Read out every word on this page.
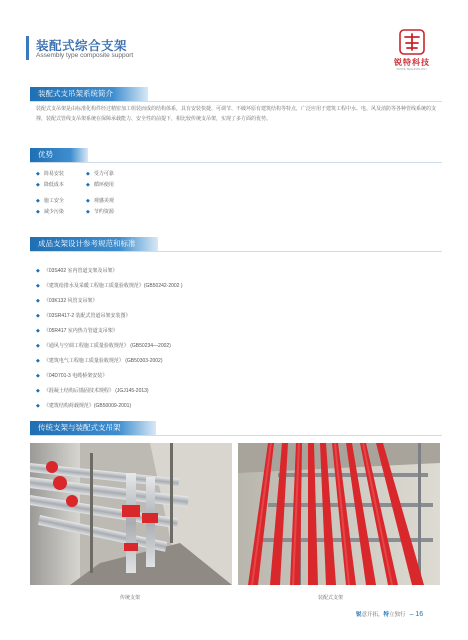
装配式综合支架
Assembly type composite support
锐特科技
RUITE TECHNOLOGY
装配式支吊架系统简介
装配式支吊架是由标准化构件经过精密加工组装而成的结构体系，具有安装快捷、可调节、不破坏原有建筑结构等特点，广泛应用于建筑工程中水、电、风及消防等各种管线系统的支撑，装配式管线支吊架系统在保障承载能力、安全性的前提下，相比较传统支吊架，实现了多方面的优势。
优势
◆ 简易安装	◆ 受力可靠
◆ 降低成本	◆ 循环使用
◆ 施工安全	◆ 观感美观
◆ 减少污染	◆ 节约资源
成品支架设计参考规范和标准
◆ 《03S402 室内管道支架及吊架》
◆ 《建筑给排水及采暖工程施工质量验收规范》(GB50242-2002 )
◆ 《03K132 风管支吊架》
◆ 《03SR417-2 装配式管道吊架安装图》
◆ 《05R417 室内热力管道支吊架》
◆ 《通风与空调工程施工质量验收规范》 (GB50234—2002)
◆ 《建筑电气工程施工质量验收规范》 (GB50303-2002)
◆ 《04D701-3 电缆桥架安装》
◆ 《混凝土结构后锚固技术规程》 (JGJ145-2013)
◆ 《建筑结构荷载规范》(GB50009-2001)
传统支架与装配式支吊架
传统支架	装配式支架
锐意开拓，特立独行 – 16
